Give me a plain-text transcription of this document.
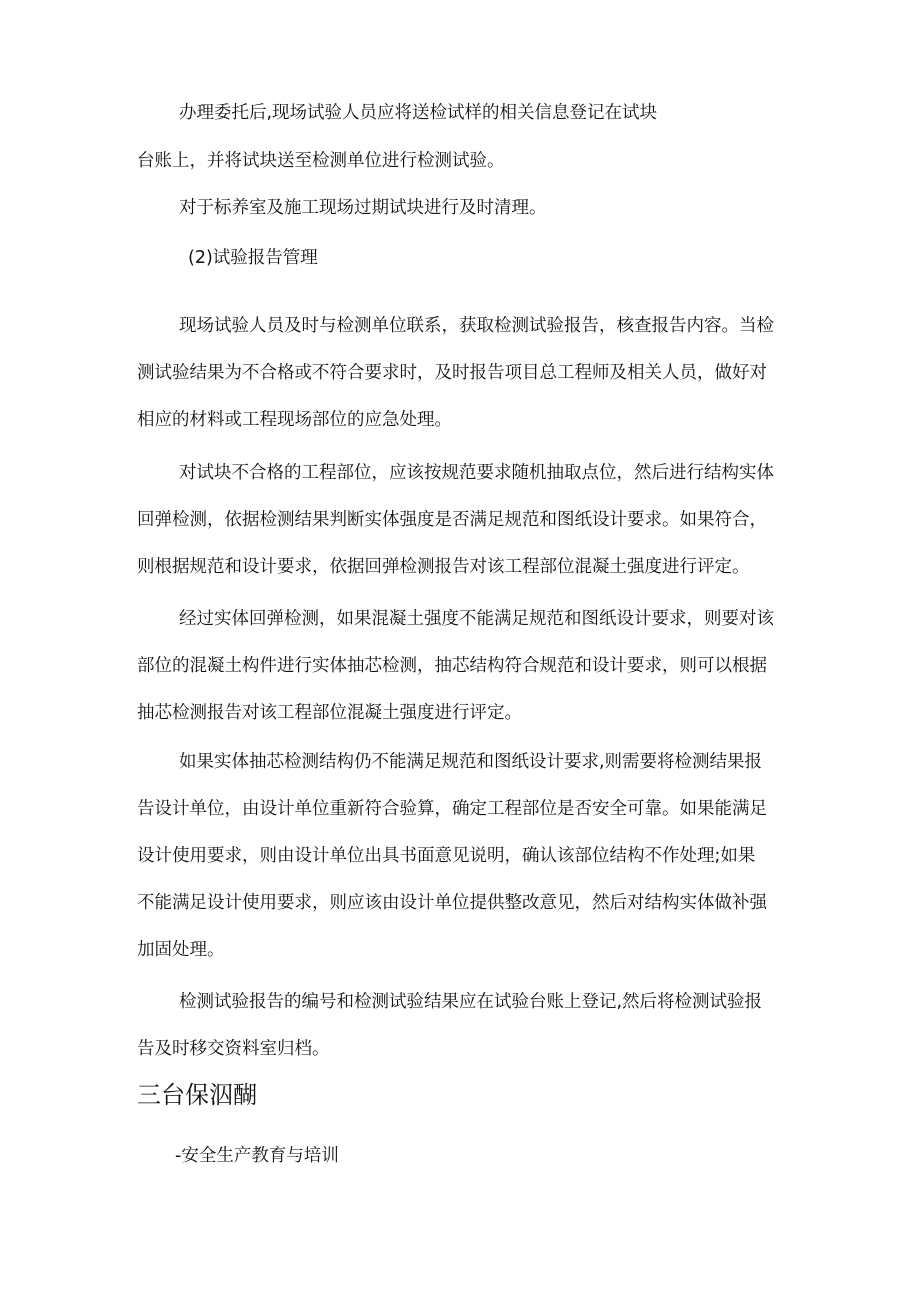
办理委托后,现场试验人员应将送检试样的相关信息登记在试块

台账上，并将试块送至检测单位进行检测试验。

对于标养室及施工现场过期试块进行及时清理。

(2)试验报告管理

现场试验人员及时与检测单位联系，获取检测试验报告，核查报告内容。当检

测试验结果为不合格或不符合要求时，及时报告项目总工程师及相关人员，做好对

相应的材料或工程现场部位的应急处理。

对试块不合格的工程部位，应该按规范要求随机抽取点位，然后进行结构实体

回弹检测，依据检测结果判断实体强度是否满足规范和图纸设计要求。如果符合，

则根据规范和设计要求，依据回弹检测报告对该工程部位混凝土强度进行评定。

经过实体回弹检测，如果混凝土强度不能满足规范和图纸设计要求，则要对该

部位的混凝土构件进行实体抽芯检测，抽芯结构符合规范和设计要求，则可以根据

抽芯检测报告对该工程部位混凝土强度进行评定。

如果实体抽芯检测结构仍不能满足规范和图纸设计要求,则需要将检测结果报

告设计单位，由设计单位重新符合验算，确定工程部位是否安全可靠。如果能满足

设计使用要求，则由设计单位出具书面意见说明，确认该部位结构不作处理;如果

不能满足设计使用要求，则应该由设计单位提供整改意见，然后对结构实体做补强

加固处理。

检测试验报告的编号和检测试验结果应在试验台账上登记,然后将检测试验报

告及时移交资料室归档。

三台保泅醐

-安全生产教育与培训
